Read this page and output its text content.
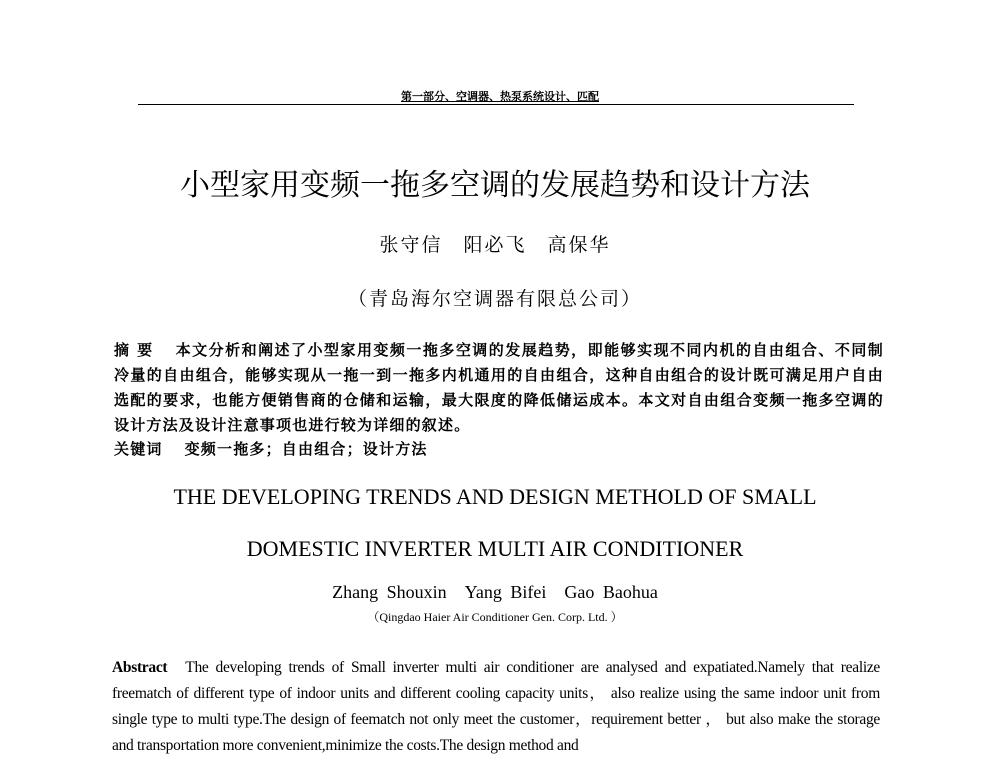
第一部分、空调器、热泵系统设计、匹配
小型家用变频一拖多空调的发展趋势和设计方法
张守信　阳必飞　高保华
（青岛海尔空调器有限总公司）
摘 要 本文分析和阐述了小型家用变频一拖多空调的发展趋势，即能够实现不同内机的自由组合、不同制冷量的自由组合，能够实现从一拖一到一拖多内机通用的自由组合，这种自由组合的设计既可满足用户自由选配的要求，也能方便销售商的仓储和运输，最大限度的降低储运成本。本文对自由组合变频一拖多空调的设计方法及设计注意事项也进行较为详细的叙述。
关键词 变频一拖多；自由组合；设计方法
THE DEVELOPING TRENDS AND DESIGN METHOLD OF SMALL
DOMESTIC INVERTER MULTI AIR CONDITIONER
Zhang Shouxin　Yang Bifei　Gao Baohua
（Qingdao Haier Air Conditioner Gen. Corp. Ltd. ）
Abstract The developing trends of Small inverter multi air conditioner are analysed and expatiated.Namely that realize freematch of different type of indoor units and different cooling capacity units， also realize using the same indoor unit from single type to multi type.The design of feematch not only meet the customer，requirement better ， but also make the storage and transportation more convenient,minimize the costs.The design method and
